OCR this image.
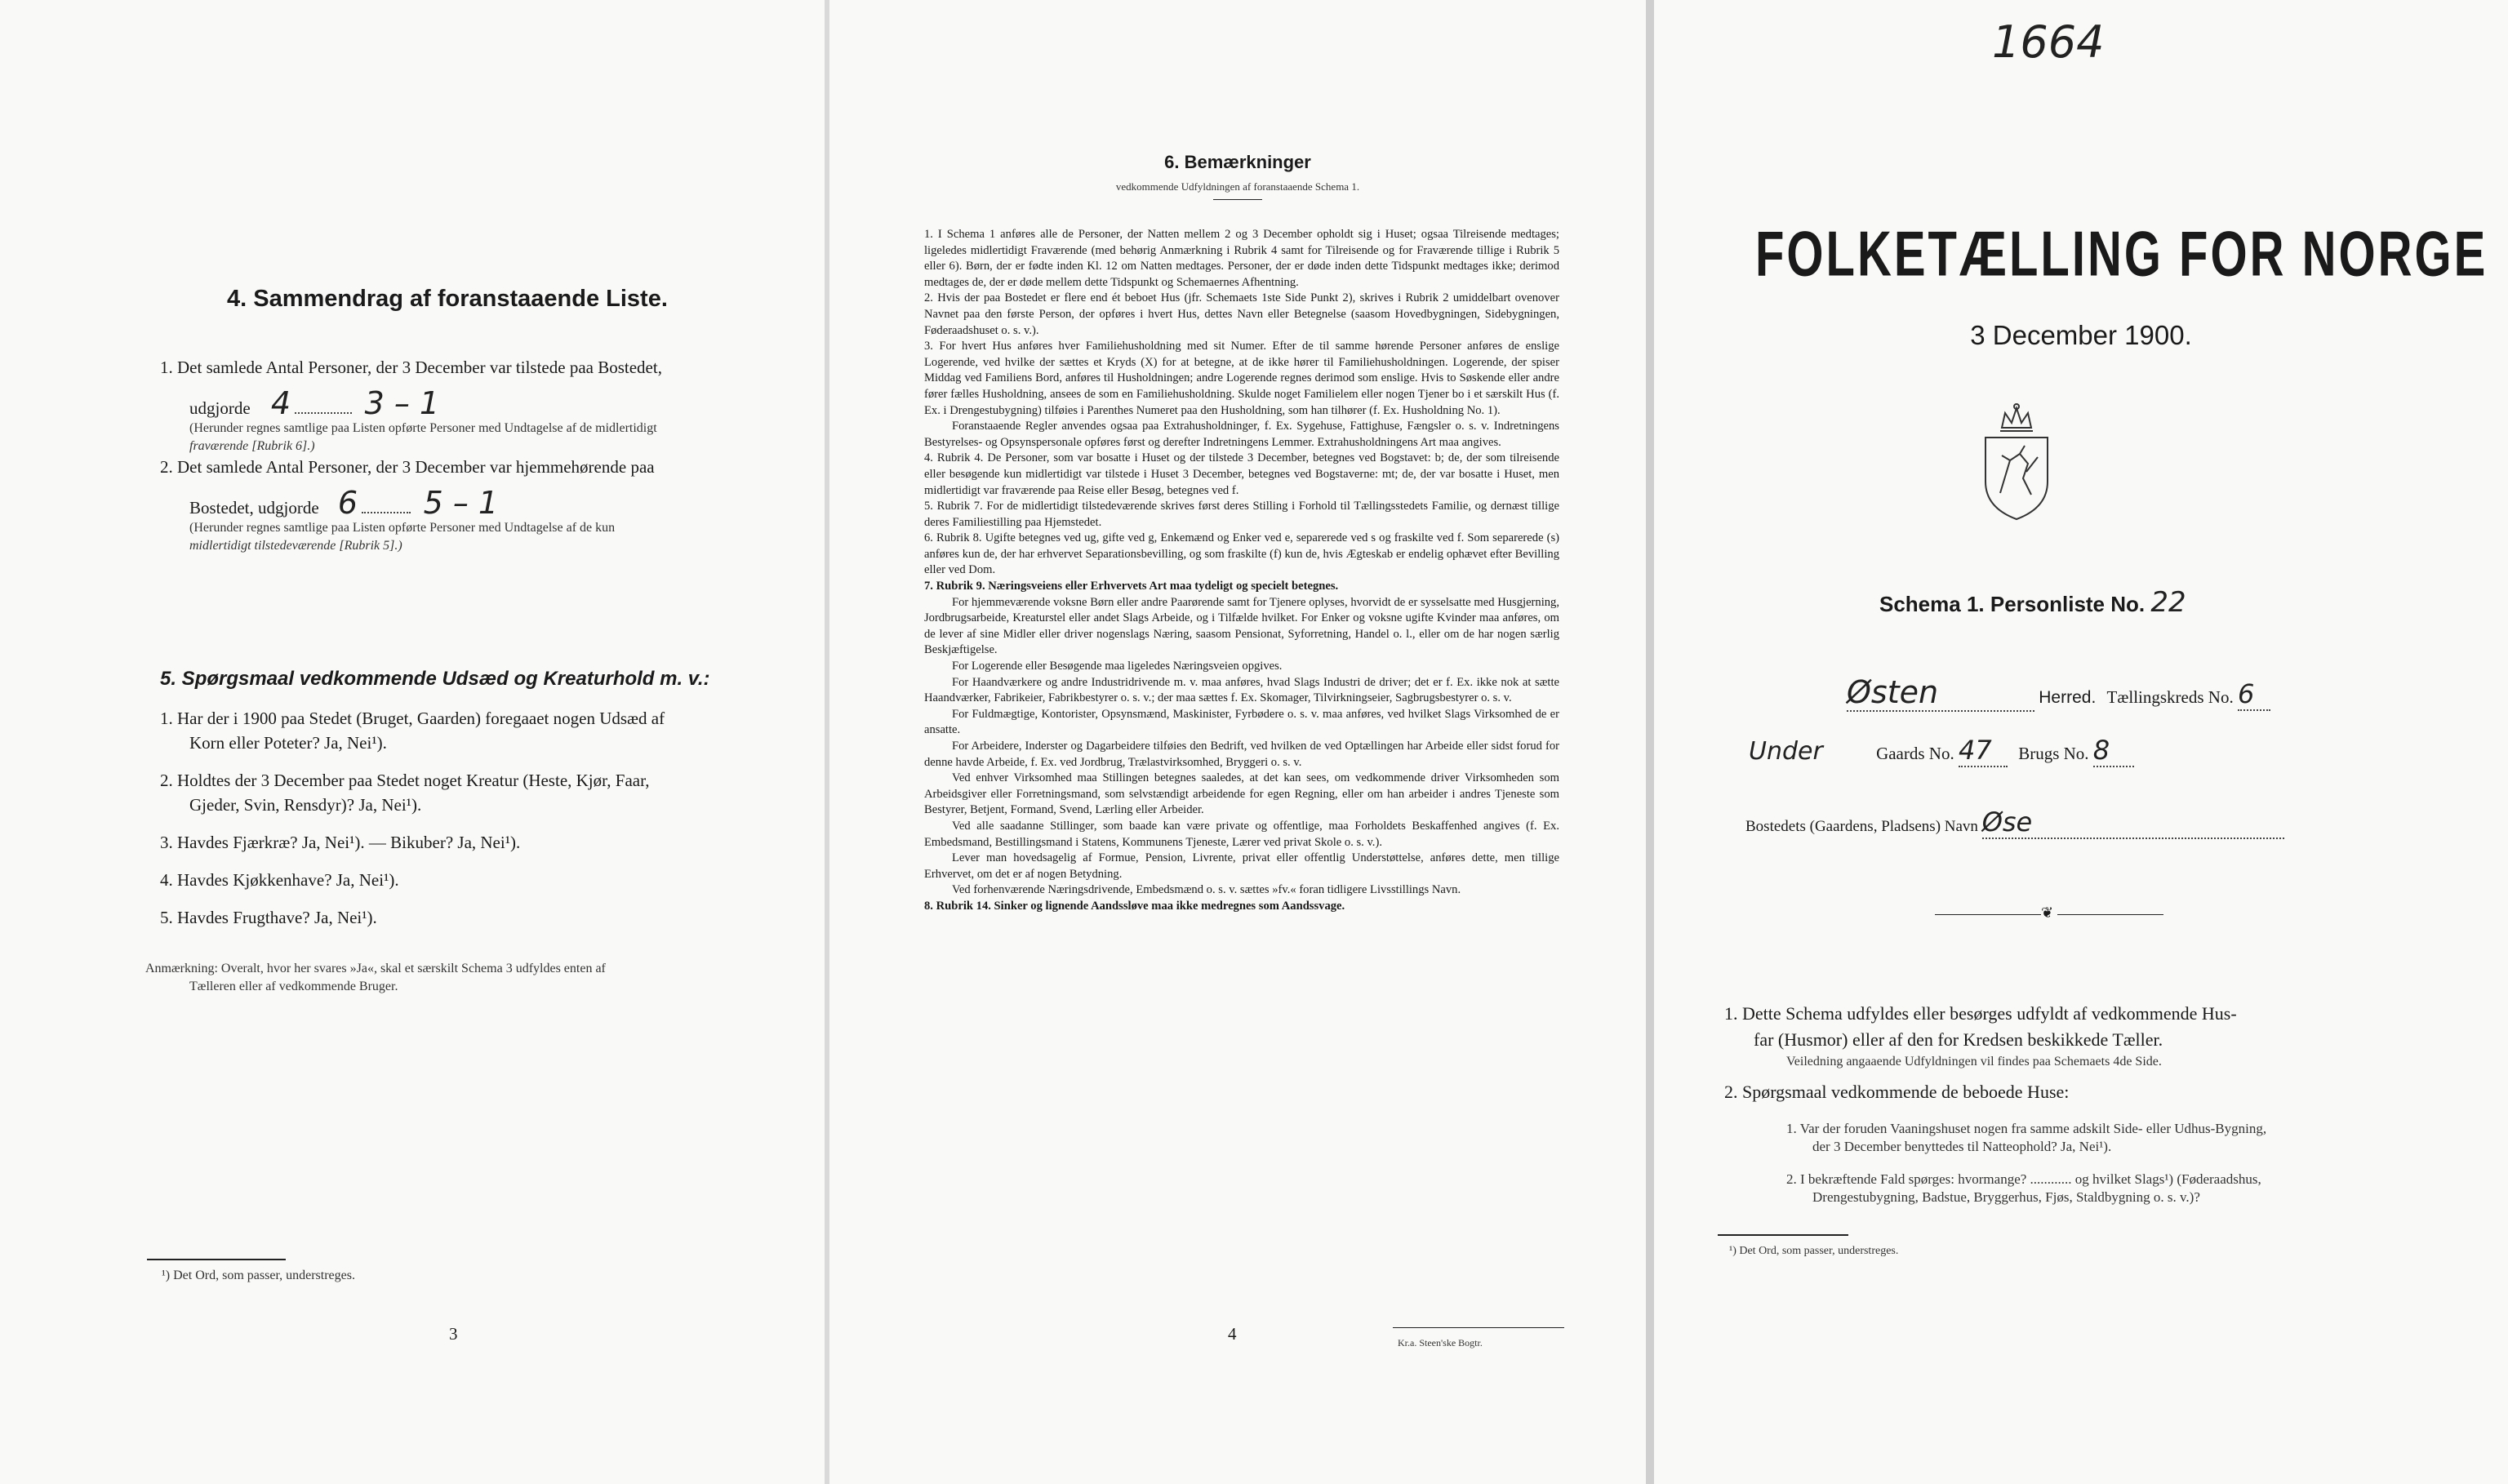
4. Sammendrag af foranstaaende Liste.
1. Det samlede Antal Personer, der 3 December var tilstede paa Bostedet,
udgjorde 4 3 – 1
(Herunder regnes samtlige paa Listen opførte Personer med Undtagelse af de midlertidigt
fraværende [Rubrik 6].)
2. Det samlede Antal Personer, der 3 December var hjemmehørende paa
Bostedet, udgjorde 6 5 – 1
(Herunder regnes samtlige paa Listen opførte Personer med Undtagelse af de kun
midlertidigt tilstedeværende [Rubrik 5].)
5. Spørgsmaal vedkommende Udsæd og Kreaturhold m. v.:
1. Har der i 1900 paa Stedet (Bruget, Gaarden) foregaaet nogen Udsæd af
Korn eller Poteter? Ja, Nei¹).
2. Holdtes der 3 December paa Stedet noget Kreatur (Heste, Kjør, Faar,
Gjeder, Svin, Rensdyr)? Ja, Nei¹).
3. Havdes Fjærkræ? Ja, Nei¹). — Bikuber? Ja, Nei¹).
4. Havdes Kjøkkenhave? Ja, Nei¹).
5. Havdes Frugthave? Ja, Nei¹).
Anmærkning: Overalt, hvor her svares »Ja«, skal et særskilt Schema 3 udfyldes enten af
Tælleren eller af vedkommende Bruger.
¹) Det Ord, som passer, understreges.
3
6. Bemærkninger
vedkommende Udfyldningen af foranstaaende Schema 1.
1. I Schema 1 anføres alle de Personer, der Natten mellem 2 og 3 December opholdt sig i Huset; ogsaa Tilreisende medtages; ligeledes midlertidigt Fraværende (med behørig Anmærkning i Rubrik 4 samt for Tilreisende og for Fraværende tillige i Rubrik 5 eller 6). Børn, der er fødte inden Kl. 12 om Natten medtages. Personer, der er døde inden dette Tidspunkt medtages ikke; derimod medtages de, der er døde mellem dette Tidspunkt og Schemaernes Afhentning.
2. Hvis der paa Bostedet er flere end ét beboet Hus (jfr. Schemaets 1ste Side Punkt 2), skrives i Rubrik 2 umiddelbart ovenover Navnet paa den første Person, der opføres i hvert Hus, dettes Navn eller Betegnelse (saasom Hovedbygningen, Sidebygningen, Føderaadshuset o. s. v.).
3. For hvert Hus anføres hver Familiehusholdning med sit Numer. Efter de til samme hørende Personer anføres de enslige Logerende, ved hvilke der sættes et Kryds (X) for at betegne, at de ikke hører til Familiehusholdningen. Logerende, der spiser Middag ved Familiens Bord, anføres til Husholdningen; andre Logerende regnes derimod som enslige. Hvis to Søskende eller andre fører fælles Husholdning, ansees de som en Familiehusholdning. Skulde noget Familielem eller nogen Tjener bo i et særskilt Hus (f. Ex. i Drengestubygning) tilføies i Parenthes Numeret paa den Husholdning, som han tilhører (f. Ex. Husholdning No. 1).
Foranstaaende Regler anvendes ogsaa paa Extrahusholdninger, f. Ex. Sygehuse, Fattighuse, Fængsler o. s. v. Indretningens Bestyrelses- og Opsynspersonale opføres først og derefter Indretningens Lemmer. Extrahusholdningens Art maa angives.
4. Rubrik 4. De Personer, som var bosatte i Huset og der tilstede 3 December, betegnes ved Bogstavet: b; de, der som tilreisende eller besøgende kun midlertidigt var tilstede i Huset 3 December, betegnes ved Bogstaverne: mt; de, der var bosatte i Huset, men midlertidigt var fraværende paa Reise eller Besøg, betegnes ved f.
5. Rubrik 7. For de midlertidigt tilstedeværende skrives først deres Stilling i Forhold til Tællingsstedets Familie, og dernæst tillige deres Familiestilling paa Hjemstedet.
6. Rubrik 8. Ugifte betegnes ved ug, gifte ved g, Enkemænd og Enker ved e, separerede ved s og fraskilte ved f. Som separerede (s) anføres kun de, der har erhvervet Separationsbevilling, og som fraskilte (f) kun de, hvis Ægteskab er endelig ophævet efter Bevilling eller ved Dom.
7. Rubrik 9. Næringsveiens eller Erhvervets Art maa tydeligt og specielt betegnes.
For hjemmeværende voksne Børn eller andre Paarørende samt for Tjenere oplyses, hvorvidt de er sysselsatte med Husgjerning, Jordbrugsarbeide, Kreaturstel eller andet Slags Arbeide, og i Tilfælde hvilket. For Enker og voksne ugifte Kvinder maa anføres, om de lever af sine Midler eller driver nogenslags Næring, saasom Pensionat, Syforretning, Handel o. l., eller om de har nogen særlig Beskjæftigelse.
For Logerende eller Besøgende maa ligeledes Næringsveien opgives.
For Haandværkere og andre Industridrivende m. v. maa anføres, hvad Slags Industri de driver; det er f. Ex. ikke nok at sætte Haandværker, Fabrikeier, Fabrikbestyrer o. s. v.; der maa sættes f. Ex. Skomager, Tilvirkningseier, Sagbrugsbestyrer o. s. v.
For Fuldmægtige, Kontorister, Opsynsmænd, Maskinister, Fyrbødere o. s. v. maa anføres, ved hvilket Slags Virksomhed de er ansatte.
For Arbeidere, Inderster og Dagarbeidere tilføies den Bedrift, ved hvilken de ved Optællingen har Arbeide eller sidst forud for denne havde Arbeide, f. Ex. ved Jordbrug, Trælastvirksomhed, Bryggeri o. s. v.
Ved enhver Virksomhed maa Stillingen betegnes saaledes, at det kan sees, om vedkommende driver Virksomheden som Arbeidsgiver eller Forretningsmand, som selvstændigt arbeidende for egen Regning, eller om han arbeider i andres Tjeneste som Bestyrer, Betjent, Formand, Svend, Lærling eller Arbeider.
Ved alle saadanne Stillinger, som baade kan være private og offentlige, maa Forholdets Beskaffenhed angives (f. Ex. Embedsmand, Bestillingsmand i Statens, Kommunens Tjeneste, Lærer ved privat Skole o. s. v.).
Lever man hovedsagelig af Formue, Pension, Livrente, privat eller offentlig Understøttelse, anføres dette, men tillige Erhvervet, om det er af nogen Betydning.
Ved forhenværende Næringsdrivende, Embedsmænd o. s. v. sættes »fv.« foran tidligere Livsstillings Navn.
8. Rubrik 14. Sinker og lignende Aandssløve maa ikke medregnes som Aandssvage.
4	Kr.a. Steen'ske Bogtr.
1664
FOLKETÆLLING FOR NORGE
3 December 1900.
Schema 1. Personliste No. 22
Østen	Herred. Tællingskreds No. 6
Under	Gaards No. 47 Brugs No. 8
Bostedets (Gaardens, Pladsens) Navn Øse
❦
1. Dette Schema udfyldes eller besørges udfyldt af vedkommende Hus-
far (Husmor) eller af den for Kredsen beskikkede Tæller.
Veiledning angaaende Udfyldningen vil findes paa Schemaets 4de Side.
2. Spørgsmaal vedkommende de beboede Huse:
1. Var der foruden Vaaningshuset nogen fra samme adskilt Side- eller Udhus-Bygning,
der 3 December benyttedes til Natteophold? Ja, Nei¹).
2. I bekræftende Fald spørges: hvormange? ............ og hvilket Slags¹) (Føderaadshus,
Drengestubygning, Badstue, Bryggerhus, Fjøs, Staldbygning o. s. v.)?
¹) Det Ord, som passer, understreges.
